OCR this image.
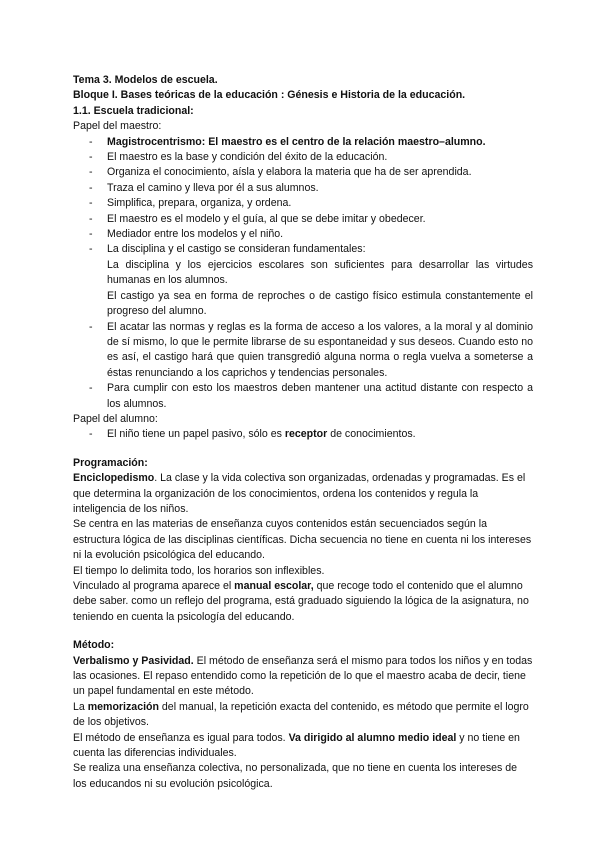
Tema 3. Modelos de escuela.
Bloque I. Bases teóricas de la educación : Génesis e Historia de la educación.
1.1. Escuela tradicional:
Papel del maestro:
- Magistrocentrismo: El maestro es el centro de la relación maestro–alumno.
- El maestro es la base y condición del éxito de la educación.
- Organiza el conocimiento, aísla y elabora la materia que ha de ser aprendida.
- Traza el camino y lleva por él a sus alumnos.
- Simplifica, prepara, organiza, y ordena.
- El maestro es el modelo y el guía, al que se debe imitar y obedecer.
- Mediador entre los modelos y el niño.
- La disciplina y el castigo se consideran fundamentales:
La disciplina y los ejercicios escolares son suficientes para desarrollar las virtudes humanas en los alumnos.
El castigo ya sea en forma de reproches o de castigo físico estimula constantemente el progreso del alumno.
- El acatar las normas y reglas es la forma de acceso a los valores, a la moral y al dominio de sí mismo, lo que le permite librarse de su espontaneidad y sus deseos. Cuando esto no es así, el castigo hará que quien transgredió alguna norma o regla vuelva a someterse a éstas renunciando a los caprichos y tendencias personales.
- Para cumplir con esto los maestros deben mantener una actitud distante con respecto a los alumnos.
Papel del alumno:
- El niño tiene un papel pasivo, sólo es receptor de conocimientos.
Programación:
Enciclopedismo. La clase y la vida colectiva son organizadas, ordenadas y programadas. Es el que determina la organización de los conocimientos, ordena los contenidos y regula la inteligencia de los niños.
Se centra en las materias de enseñanza cuyos contenidos están secuenciados según la estructura lógica de las disciplinas científicas. Dicha secuencia no tiene en cuenta ni los intereses ni la evolución psicológica del educando.
El tiempo lo delimita todo, los horarios son inflexibles.
Vinculado al programa aparece el manual escolar, que recoge todo el contenido que el alumno debe saber. como un reflejo del programa, está graduado siguiendo la lógica de la asignatura, no teniendo en cuenta la psicología del educando.
Método:
Verbalismo y Pasividad. El método de enseñanza será el mismo para todos los niños y en todas las ocasiones. El repaso entendido como la repetición de lo que el maestro acaba de decir, tiene un papel fundamental en este método.
La memorización del manual, la repetición exacta del contenido, es método que permite el logro de los objetivos.
El método de enseñanza es igual para todos. Va dirigido al alumno medio ideal y no tiene en cuenta las diferencias individuales.
Se realiza una enseñanza colectiva, no personalizada, que no tiene en cuenta los intereses de los educandos ni su evolución psicológica.
